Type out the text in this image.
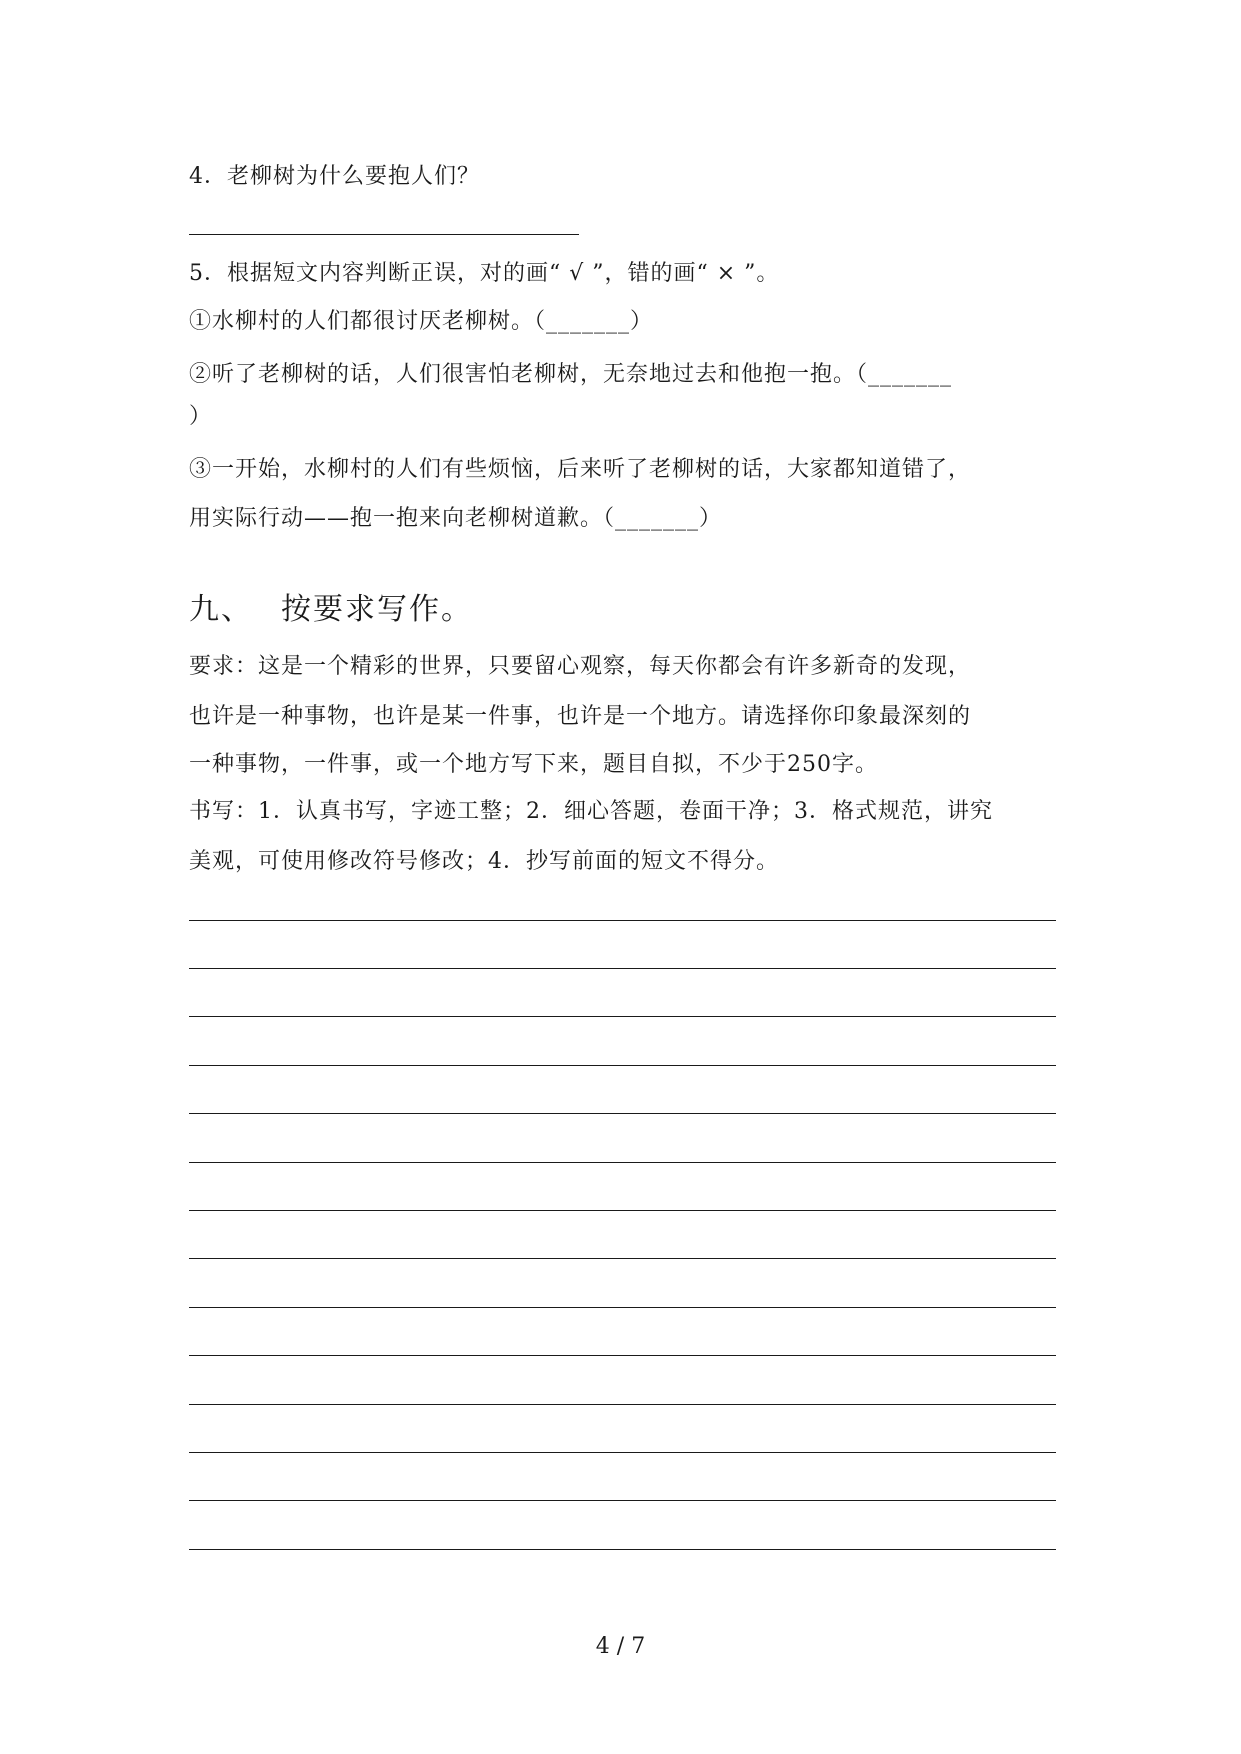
4．老柳树为什么要抱人们？
5．根据短文内容判断正误，对的画“ √ ”，错的画“ × ”。
①水柳村的人们都很讨厌老柳树。（_______）
②听了老柳树的话，人们很害怕老柳树，无奈地过去和他抱一抱。（_______
）
③一开始，水柳村的人们有些烦恼，后来听了老柳树的话，大家都知道错了，
用实际行动——抱一抱来向老柳树道歉。（_______）
九、 按要求写作。
要求：这是一个精彩的世界，只要留心观察，每天你都会有许多新奇的发现，
也许是一种事物，也许是某一件事，也许是一个地方。请选择你印象最深刻的
一种事物，一件事，或一个地方写下来，题目自拟，不少于250字。
书写：1．认真书写，字迹工整；2．细心答题，卷面干净；3．格式规范，讲究
美观，可使用修改符号修改；4．抄写前面的短文不得分。
4 / 7
